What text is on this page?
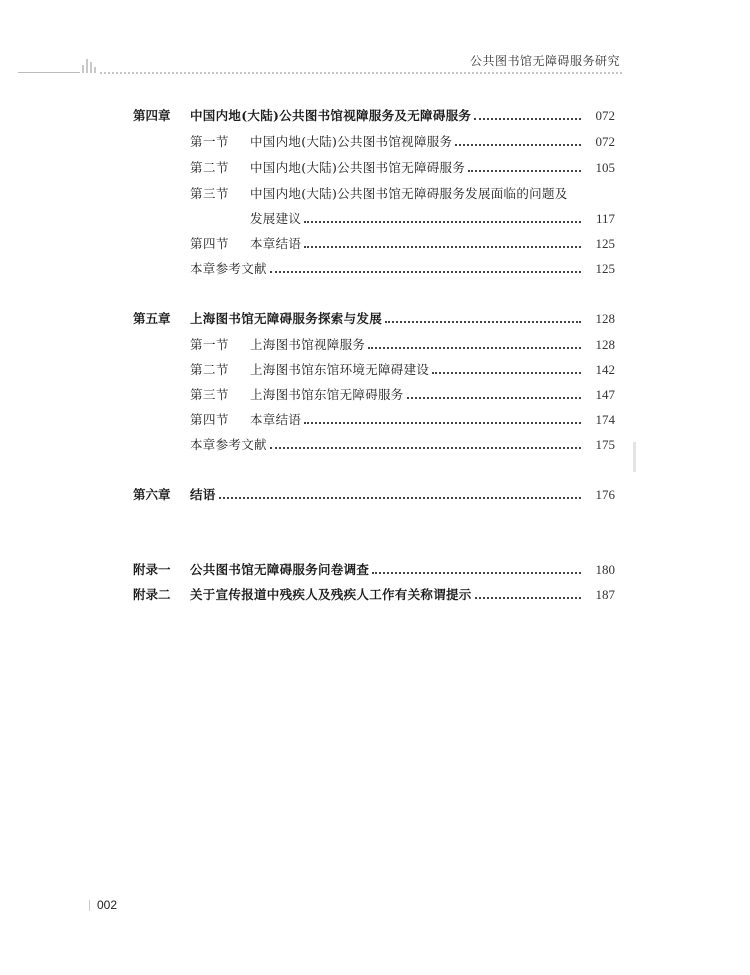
公共图书馆无障碍服务研究
第四章	中国内地(大陆)公共图书馆视障服务及无障碍服务	072
第一节	中国内地(大陆)公共图书馆视障服务	072
第二节	中国内地(大陆)公共图书馆无障碍服务	105
第三节	中国内地(大陆)公共图书馆无障碍服务发展面临的问题及
发展建议	117
第四节	本章结语	125
本章参考文献	125
第五章	上海图书馆无障碍服务探索与发展	128
第一节	上海图书馆视障服务	128
第二节	上海图书馆东馆环境无障碍建设	142
第三节	上海图书馆东馆无障碍服务	147
第四节	本章结语	174
本章参考文献	175
第六章	结语	176
附录一	公共图书馆无障碍服务问卷调查	180
附录二	关于宣传报道中残疾人及残疾人工作有关称谓提示	187
002
